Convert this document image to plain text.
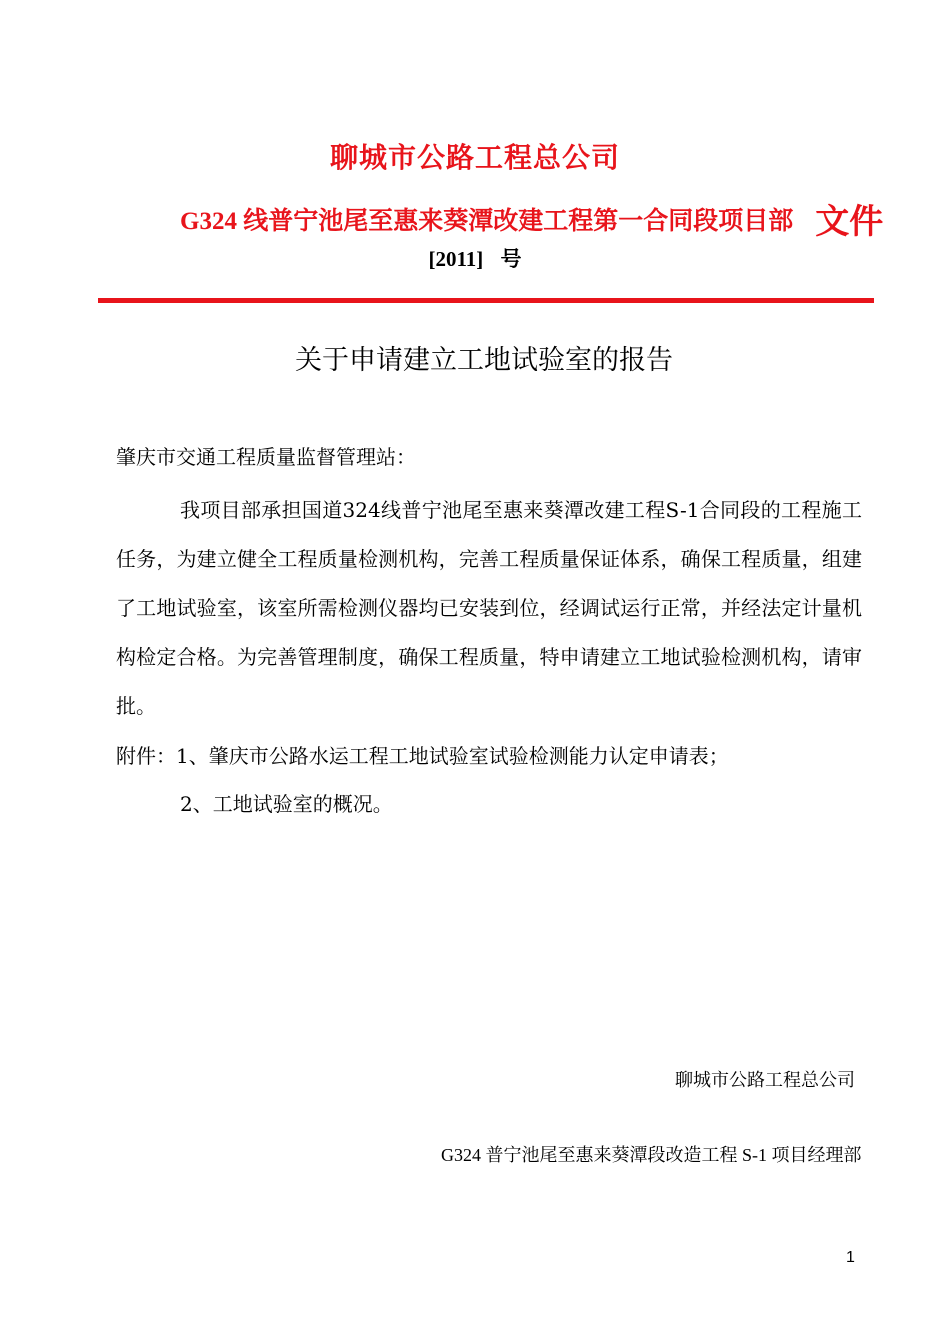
聊城市公路工程总公司
G324 线普宁池尾至惠来葵潭改建工程第一合同段项目部 文件
[2011] 号
关于申请建立工地试验室的报告
肇庆市交通工程质量监督管理站：
我项目部承担国道324线普宁池尾至惠来葵潭改建工程S-1合同段的工程施工任务，为建立健全工程质量检测机构，完善工程质量保证体系，确保工程质量，组建了工地试验室，该室所需检测仪器均已安装到位，经调试运行正常，并经法定计量机构检定合格。为完善管理制度，确保工程质量，特申请建立工地试验检测机构，请审批。
附件：1、肇庆市公路水运工程工地试验室试验检测能力认定申请表；
2、工地试验室的概况。
聊城市公路工程总公司
G324 普宁池尾至惠来葵潭段改造工程 S-1 项目经理部
1
